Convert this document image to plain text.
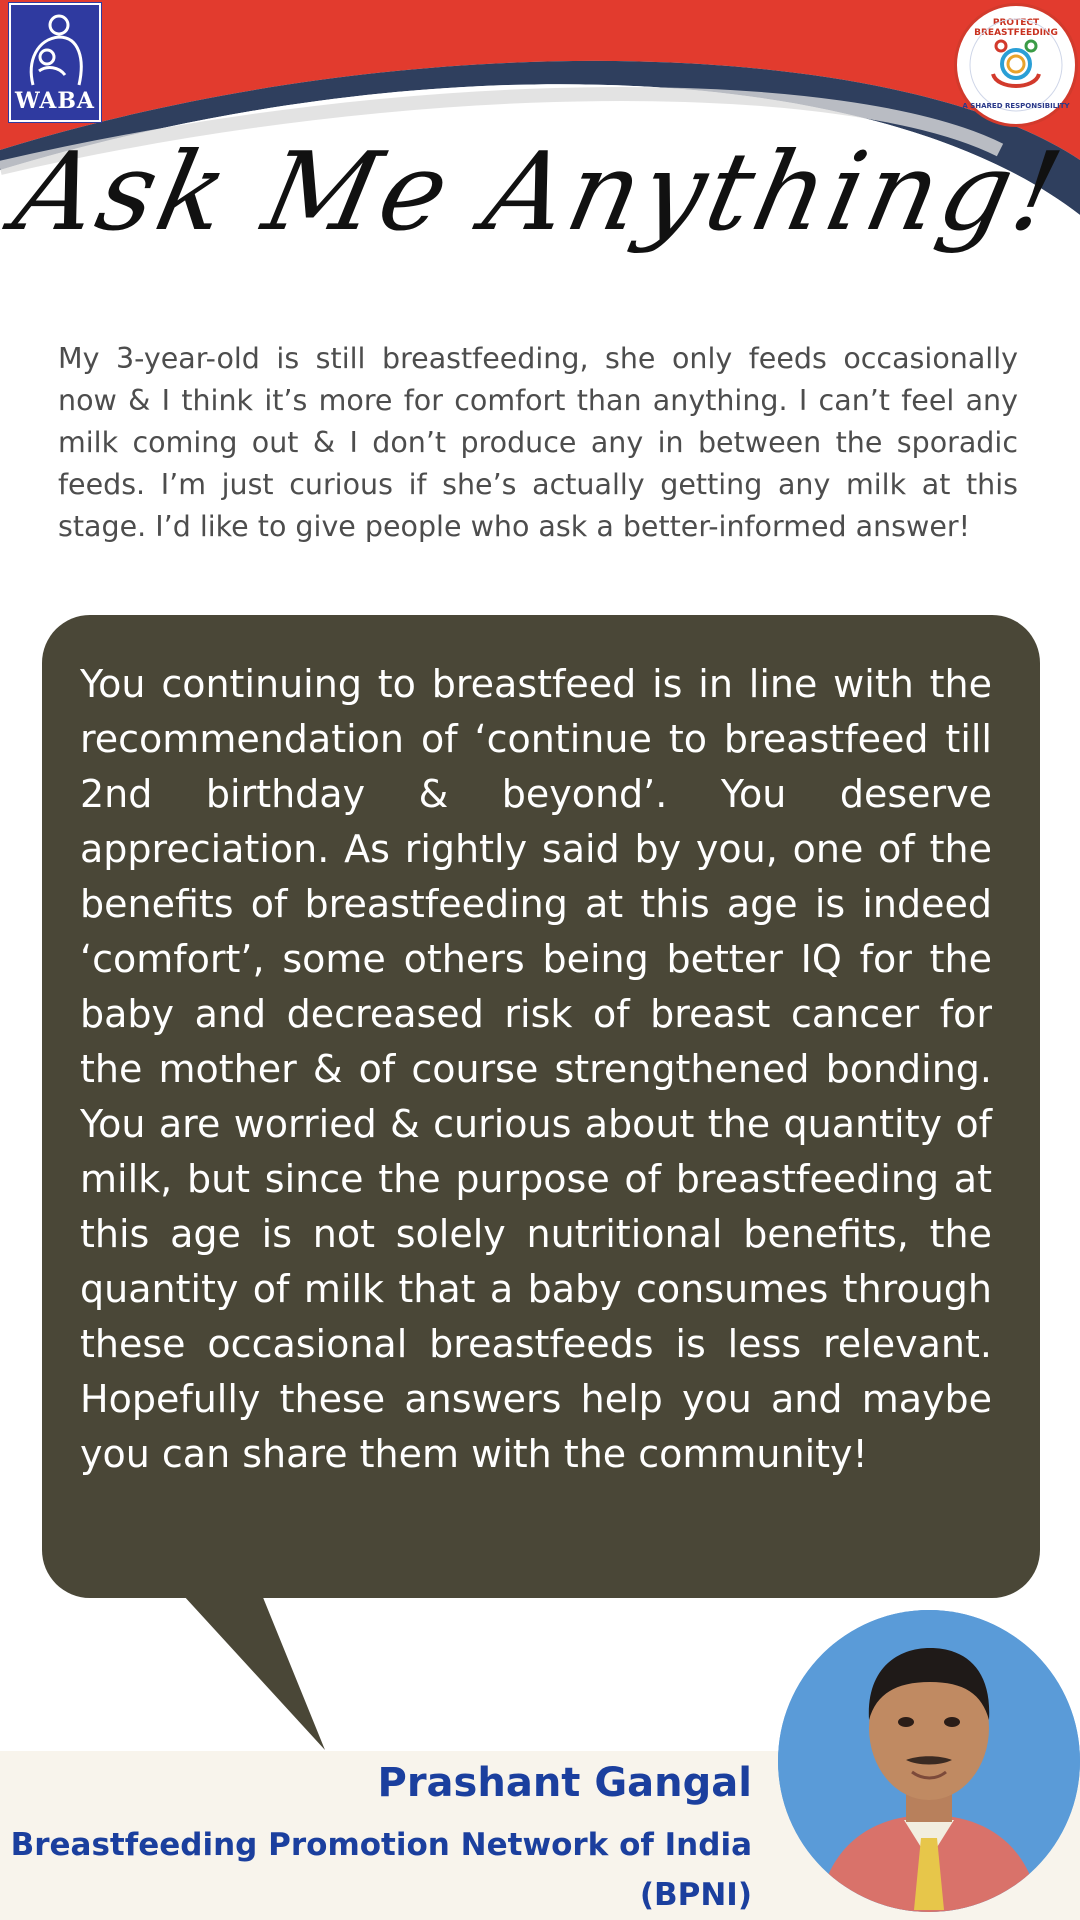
WABA
PROTECT BREASTFEEDING
A SHARED RESPONSIBILITY
Ask Me Anything!
My 3-year-old is still breastfeeding, she only feeds occasionally now & I think it’s more for comfort than anything. I can’t feel any milk coming out & I don’t produce any in between the sporadic feeds. I’m just curious if she’s actually getting any milk at this stage. I’d like to give people who ask a better-informed answer!
You continuing to breastfeed is in line with the recommendation of ‘continue to breastfeed till 2nd birthday & beyond’. You deserve appreciation. As rightly said by you, one of the benefits of breastfeeding at this age is indeed ‘comfort’, some others being better IQ for the baby and decreased risk of breast cancer for the mother & of course strengthened bonding. You are worried & curious about the quantity of milk, but since the purpose of breastfeeding at this age is not solely nutritional benefits, the quantity of milk that a baby consumes through these occasional breastfeeds is less relevant. Hopefully these answers help you and maybe you can share them with the community!
Prashant Gangal
Breastfeeding Promotion Network of India (BPNI)
